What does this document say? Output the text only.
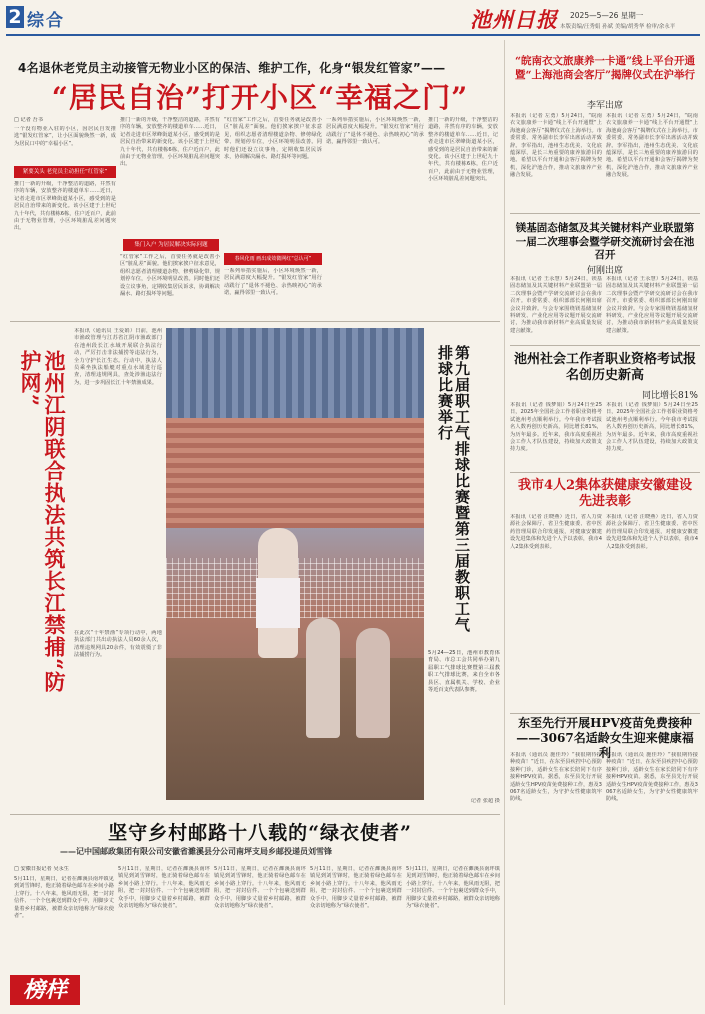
2 综合	池州日报 2025—5—26 星期一
本版责编/汪秀娟 孙斌 美编/胡秀华 检审/余永平
4名退休老党员主动接管无物业小区的保洁、维护工作，化身“银发红管家”——
“居民自治”打开小区“幸福之门”
□ 记者 吾书
一个没有物业入驻的小区，因居民自发推选“银发红管家”，让小区面貌焕然一新，成为居民口中的“幸福小区”。
紧要关头 老党员主动担任“红管家”
推门一新的升级，干净整洁的道路，井然有序的车辆，安放整齐的楼道单车……近日，记者走进市区翠峰街道某小区，感受到的是居民自治带来的新变化。该小区建于上世纪九十年代，共有楼栋6栋，住户近百户，此前由于无物业管理，小区环境脏乱差问题突出。
推门一新的升级，干净整洁的道路，井然有序的车辆，安放整齐的楼道单车……近日，记者走进市区翠峰街道某小区，感受到的是居民自治带来的新变化。该小区建于上世纪九十年代，共有楼栋6栋，住户近百户，此前由于无物业管理，小区环境脏乱差问题突出。
集门入户 为居民解决实际问题
“红管家”工作之后，首要任务就是改善小区“脏乱差”面貌。他们挨家挨户征求意见，组织志愿者清理楼道杂物、修剪绿化带、规划停车位，小区环境明显改善。同时他们还设立议事角，定期收集居民诉求，协调解决漏水、路灯损坏等问题。
“红管家”工作之后，首要任务就是改善小区“脏乱差”面貌。他们挨家挨户征求意见，组织志愿者清理楼道杂物、修剪绿化带、规划停车位，小区环境明显改善。同时他们还设立议事角，定期收集居民诉求，协调解决漏水、路灯损坏等问题。
春风化雨 画出成效微网红“总认可”
一系列举措实施后，小区环境焕然一新，居民满意度大幅提升。“银发红管家”用行动践行了“退休不褪色、余热映初心”的承诺，赢得邻里一致认可。
一系列举措实施后，小区环境焕然一新，居民满意度大幅提升。“银发红管家”用行动践行了“退休不褪色、余热映初心”的承诺，赢得邻里一致认可。
推门一新的升级，干净整洁的道路，井然有序的车辆，安放整齐的楼道单车……近日，记者走进市区翠峰街道某小区，感受到的是居民自治带来的新变化。该小区建于上世纪九十年代，共有楼栋6栋，住户近百户，此前由于无物业管理，小区环境脏乱差问题突出。
池州江阴联合执法共筑长江禁捕“防护网”
本报讯（通讯员 王爱娟）日前，池州市渔政管理与江苏省江阴市渔政部门在池州段长江水域开展联合执法行动，严厉打击非法捕捞等违法行为，全力守护长江生态。行动中，执法人员乘坐执法船艇对重点水域进行巡查，清理违规网具，查处涉渔违法行为，进一步巩固长江十年禁渔成果。
在此次“十年禁渔”专项行动中，两地执法部门共出动执法人员60余人次，清理违规网具20余件，有效震慑了非法捕捞行为。
第九届职工气排球比赛暨第三届教职工气排球比赛举行
5月24—25日，池州市教育体育局、市总工会共同举办第九届职工气排球比赛暨第三届教职工气排球比赛，来自全市各县区、直属机关、学校、企业等近百支代表队参赛。
记者 张超 摄
坚守乡村邮路十八载的“绿衣使者”
——记中国邮政集团有限公司安徽省濉溪县分公司南坪支局乡邮投递员刘雪锋
□ 安徽日报记者 吴永生
5月11日，星期日，记者在濉溪县南坪镇见到刘雪锋时，他正骑着绿色邮车在乡间小路上穿行。十八年来，他风雨无阻，把一封封信件、一个个包裹送到群众手中，用脚步丈量着乡村邮路，被群众亲切地称为“绿衣使者”。
5月11日，星期日，记者在濉溪县南坪镇见到刘雪锋时，他正骑着绿色邮车在乡间小路上穿行。十八年来，他风雨无阻，把一封封信件、一个个包裹送到群众手中，用脚步丈量着乡村邮路，被群众亲切地称为“绿衣使者”。
5月11日，星期日，记者在濉溪县南坪镇见到刘雪锋时，他正骑着绿色邮车在乡间小路上穿行。十八年来，他风雨无阻，把一封封信件、一个个包裹送到群众手中，用脚步丈量着乡村邮路，被群众亲切地称为“绿衣使者”。
5月11日，星期日，记者在濉溪县南坪镇见到刘雪锋时，他正骑着绿色邮车在乡间小路上穿行。十八年来，他风雨无阻，把一封封信件、一个个包裹送到群众手中，用脚步丈量着乡村邮路，被群众亲切地称为“绿衣使者”。
5月11日，星期日，记者在濉溪县南坪镇见到刘雪锋时，他正骑着绿色邮车在乡间小路上穿行。十八年来，他风雨无阻，把一封封信件、一个个包裹送到群众手中，用脚步丈量着乡村邮路，被群众亲切地称为“绿衣使者”。
榜样
“皖南衣文旅康养一卡通”线上平台开通暨“上海池商会客厅”揭牌仪式在沪举行
李军出席
本报讯（记者 左勇）5月24日，“皖南衣文旅康养一卡通”线上平台开通暨“上海池商会客厅”揭牌仪式在上海举行。市委常委、常务副市长李军出席活动并致辞。李军指出，池州生态优美、文化底蕴深厚，是长三角重要的康养旅游目的地。希望以平台开通和会客厅揭牌为契机，深化沪池合作，推动文旅康养产业融合发展。
本报讯（记者 左勇）5月24日，“皖南衣文旅康养一卡通”线上平台开通暨“上海池商会客厅”揭牌仪式在上海举行。市委常委、常务副市长李军出席活动并致辞。李军指出，池州生态优美、文化底蕴深厚，是长三角重要的康养旅游目的地。希望以平台开通和会客厅揭牌为契机，深化沪池合作，推动文旅康养产业融合发展。
镁基固态储氢及其关键材料产业联盟第一届二次理事会暨学研交流研讨会在池召开
何刚出席
本报讯（记者 王永慧）5月24日，镁基固态储氢及其关键材料产业联盟第一届二次理事会暨产学研交流研讨会在我市召开。市委常委、组织部部长何刚出席会议并致辞。与会专家围绕镁基储氢材料研发、产业化应用等议题开展交流研讨，为推动我市新材料产业高质量发展建言献策。
本报讯（记者 王永慧）5月24日，镁基固态储氢及其关键材料产业联盟第一届二次理事会暨产学研交流研讨会在我市召开。市委常委、组织部部长何刚出席会议并致辞。与会专家围绕镁基储氢材料研发、产业化应用等议题开展交流研讨，为推动我市新材料产业高质量发展建言献策。
池州社会工作者职业资格考试报名创历史新高
同比增长81%
本报讯（记者 钱梦娟）5月24日至25日，2025年全国社会工作者职业资格考试池州考点顺利举行。今年我市考试报名人数再创历史新高，同比增长81%，为历年最多。近年来，我市高度重视社会工作人才队伍建设，持续加大政策支持力度。
本报讯（记者 钱梦娟）5月24日至25日，2025年全国社会工作者职业资格考试池州考点顺利举行。今年我市考试报名人数再创历史新高，同比增长81%，为历年最多。近年来，我市高度重视社会工作人才队伍建设，持续加大政策支持力度。
我市4人2集体获健康安徽建设先进表彰
本报讯（记者 汪晓燕）近日，省人力资源社会保障厅、省卫生健康委、省中医药管理局联合印发通报，对健康安徽建设先进集体和先进个人予以表彰，我市4人2集体受到表彰。
本报讯（记者 汪晓燕）近日，省人力资源社会保障厅、省卫生健康委、省中医药管理局联合印发通报，对健康安徽建设先进集体和先进个人予以表彰，我市4人2集体受到表彰。
东至先行开展HPV疫苗免费接种——3067名适龄女生迎来健康福利
本报讯（通讯员 施佳玲）“我很期待接种疫苗！”近日，在东至县疾控中心预防接种门诊，适龄女生在家长陪同下有序接种HPV疫苗。据悉，东至县先行开展适龄女生HPV疫苗免费接种工作，惠及3067名适龄女生，为守护女性健康筑牢防线。
本报讯（通讯员 施佳玲）“我很期待接种疫苗！”近日，在东至县疾控中心预防接种门诊，适龄女生在家长陪同下有序接种HPV疫苗。据悉，东至县先行开展适龄女生HPV疫苗免费接种工作，惠及3067名适龄女生，为守护女性健康筑牢防线。
